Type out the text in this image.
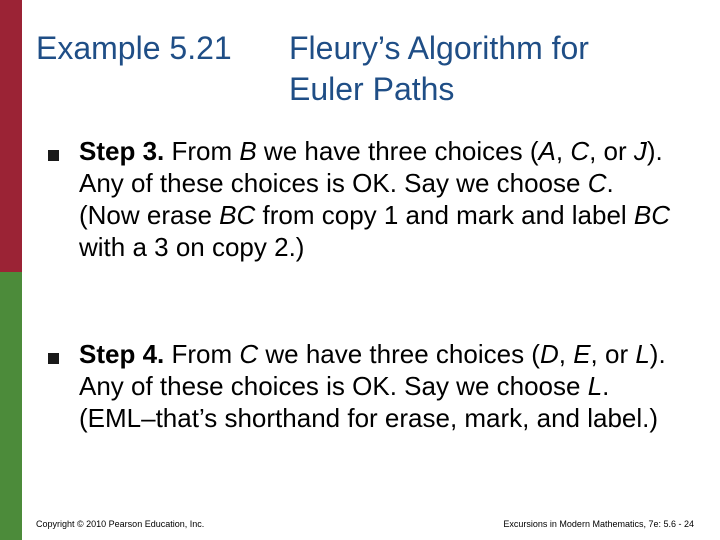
Example 5.21 Fleury’s Algorithm for
Euler Paths
Step 3. From B we have three choices (A, C, or J). Any of these choices is OK. Say we choose C. (Now erase BC from copy 1 and mark and label BC with a 3 on copy 2.)
Step 4. From C we have three choices (D, E, or L). Any of these choices is OK. Say we choose L. (EML–that’s shorthand for erase, mark, and label.)
Copyright © 2010 Pearson Education, Inc.	Excursions in Modern Mathematics, 7e: 5.6 - 24
